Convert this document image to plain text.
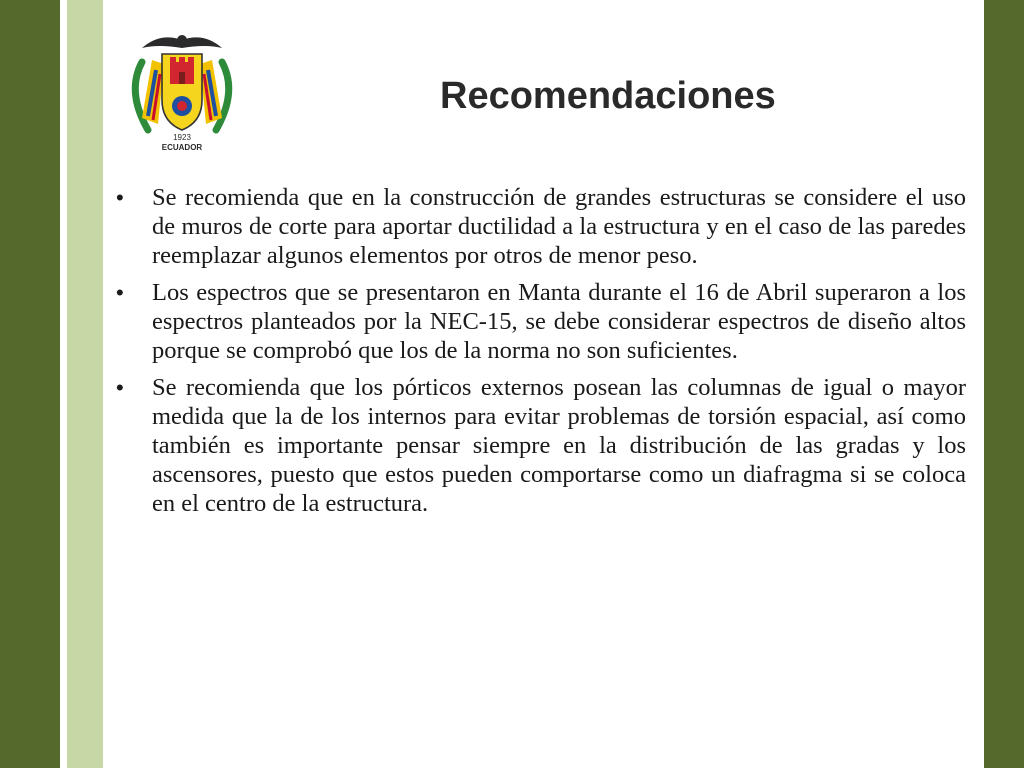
1923
ECUADOR
Recomendaciones
• Se recomienda que en la construcción de grandes estructuras se considere el uso de muros de corte para aportar ductilidad a la estructura y en el caso de las paredes reemplazar algunos elementos por otros de menor peso.
• Los espectros que se presentaron en Manta durante el 16 de Abril superaron a los espectros planteados por la NEC-15, se debe considerar espectros de diseño altos porque se comprobó que los de la norma no son suficientes.
• Se recomienda que los pórticos externos posean las columnas de igual o mayor medida que la de los internos para evitar problemas de torsión espacial, así como también es importante pensar siempre en la distribución de las gradas y los ascensores, puesto que estos pueden comportarse como un diafragma si se coloca en el centro de la estructura.
